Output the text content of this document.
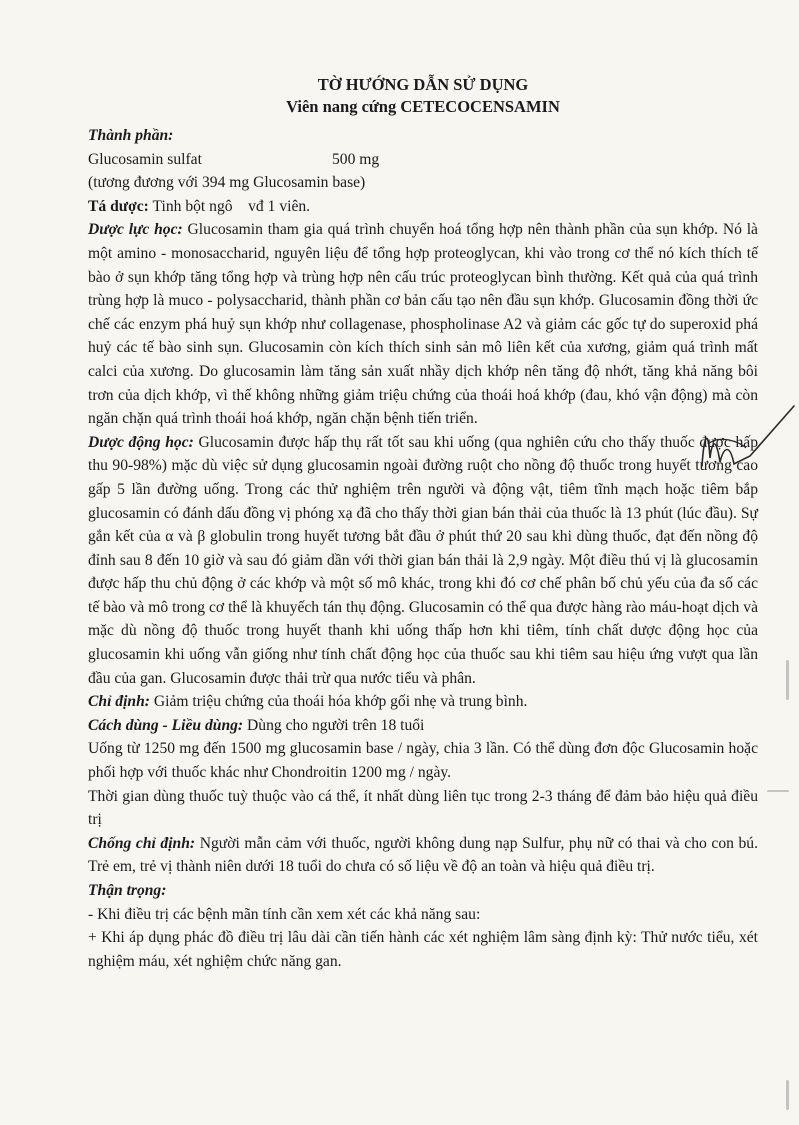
TỜ HƯỚNG DẪN SỬ DỤNG
Viên nang cứng CETECOCENSAMIN
Thành phần:
Glucosamin sulfat	500 mg
(tương đương với 394 mg Glucosamin base)
Tá dược: Tinh bột ngô    vđ 1 viên.

Dược lực học: Glucosamin tham gia quá trình chuyển hoá tổng hợp nên thành phần của sụn khớp. Nó là một amino - monosaccharid, nguyên liệu để tổng hợp proteoglycan, khi vào trong cơ thể nó kích thích tế bào ở sụn khớp tăng tổng hợp và trùng hợp nên cấu trúc proteoglycan bình thường. Kết quả của quá trình trùng hợp là muco - polysaccharid, thành phần cơ bản cấu tạo nên đầu sụn khớp. Glucosamin đồng thời ức chế các enzym phá huỷ sụn khớp như collagenase, phospholinase A2 và giảm các gốc tự do superoxid phá huỷ các tế bào sinh sụn. Glucosamin còn kích thích sinh sản mô liên kết của xương, giảm quá trình mất calci của xương. Do glucosamin làm tăng sản xuất nhầy dịch khớp nên tăng độ nhớt, tăng khả năng bôi trơn của dịch khớp, vì thế không những giảm triệu chứng của thoái hoá khớp (đau, khó vận động) mà còn ngăn chặn quá trình thoái hoá khớp, ngăn chặn bệnh tiến triển.

Dược động học: Glucosamin được hấp thụ rất tốt sau khi uống (qua nghiên cứu cho thấy thuốc được hấp thu 90-98%) mặc dù việc sử dụng glucosamin ngoài đường ruột cho nồng độ thuốc trong huyết tương cao gấp 5 lần đường uống. Trong các thử nghiệm trên người và động vật, tiêm tĩnh mạch hoặc tiêm bắp glucosamin có đánh dấu đồng vị phóng xạ đã cho thấy thời gian bán thải của thuốc là 13 phút (lúc đầu). Sự gắn kết của α và β globulin trong huyết tương bắt đầu ở phút thứ 20 sau khi dùng thuốc, đạt đến nồng độ đỉnh sau 8 đến 10 giờ và sau đó giảm dần với thời gian bán thải là 2,9 ngày. Một điều thú vị là glucosamin được hấp thu chủ động ở các khớp và một số mô khác, trong khi đó cơ chế phân bố chủ yếu của đa số các tế bào và mô trong cơ thể là khuyếch tán thụ động. Glucosamin có thể qua được hàng rào máu-hoạt dịch và mặc dù nồng độ thuốc trong huyết thanh khi uống thấp hơn khi tiêm, tính chất dược động học của glucosamin khi uống vẫn giống như tính chất động học của thuốc sau khi tiêm sau hiệu ứng vượt qua lần đầu của gan. Glucosamin được thải trừ qua nước tiểu và phân.

Chỉ định: Giảm triệu chứng của thoái hóa khớp gối nhẹ và trung bình.

Cách dùng - Liều dùng: Dùng cho người trên 18 tuổi

Uống từ 1250 mg đến 1500 mg glucosamin base / ngày, chia 3 lần. Có thể dùng đơn độc Glucosamin hoặc phối hợp với thuốc khác như Chondroitin 1200 mg / ngày.

Thời gian dùng thuốc tuỳ thuộc vào cá thể, ít nhất dùng liên tục trong 2-3 tháng để đảm bảo hiệu quả điều trị

Chống chỉ định: Người mẫn cảm với thuốc, người không dung nạp Sulfur, phụ nữ có thai và cho con bú. Trẻ em, trẻ vị thành niên dưới 18 tuổi do chưa có số liệu về độ an toàn và hiệu quả điều trị.

Thận trọng:

- Khi điều trị các bệnh mãn tính cần xem xét các khả năng sau:

+ Khi áp dụng phác đồ điều trị lâu dài cần tiến hành các xét nghiệm lâm sàng định kỳ: Thử nước tiểu, xét nghiệm máu, xét nghiệm chức năng gan.
